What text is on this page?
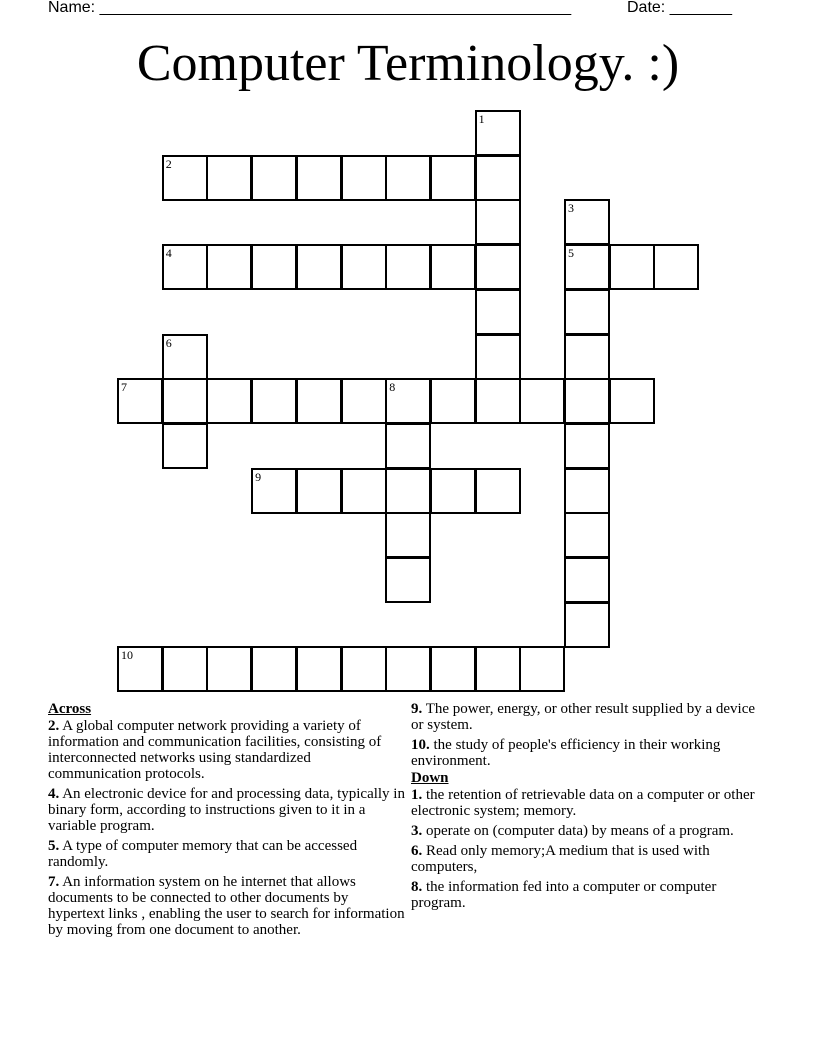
Name: _____________________________________________________	Date: _______
Computer Terminology. :)
1
2
3
5
4
6
7	8
9
10
Across
2. A global computer network providing a variety of information and communication facilities, consisting of interconnected networks using standardized communication protocols.
4. An electronic device for and processing data, typically in binary form, according to instructions given to it in a variable program.
5. A type of computer memory that can be accessed randomly.
7. An information system on he internet that allows documents to be connected to other documents by hypertext links , enabling the user to search for information by moving from one document to another.
9. The power, energy, or other result supplied by a device or system.
10. the study of people's efficiency in their working environment.
Down
1. the retention of retrievable data on a computer or other electronic system; memory.
3. operate on (computer data) by means of a program.
6. Read only memory;A medium that is used with computers,
8. the information fed into a computer or computer program.
